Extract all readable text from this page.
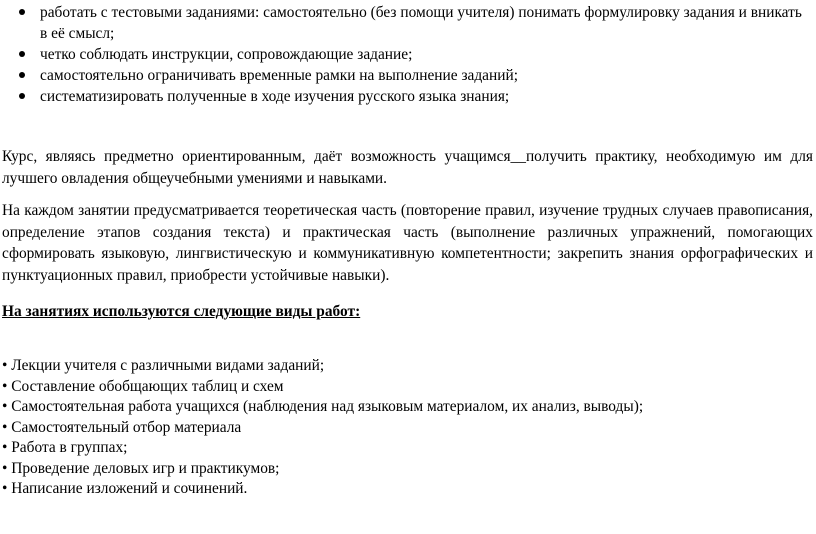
работать с тестовыми заданиями: самостоятельно (без помощи учителя) понимать формулировку задания и вникать в её смысл;
четко соблюдать инструкции, сопровождающие задание;
самостоятельно ограничивать временные рамки на выполнение заданий;
систематизировать полученные в ходе изучения русского языка знания;

Курс, являясь предметно ориентированным, даёт возможность учащимся__получить практику, необходимую им для лучшего овладения общеучебными умениями и навыками.

На каждом занятии предусматривается теоретическая часть (повторение правил, изучение трудных случаев правописания, определение этапов создания текста) и практическая часть (выполнение различных упражнений, помогающих сформировать языковую, лингвистическую и коммуникативную компетентности; закрепить знания орфографических и пунктуационных правил, приобрести устойчивые навыки).

На занятиях используются следующие виды работ:

• Лекции учителя с различными видами заданий;
• Составление обобщающих таблиц и схем
• Самостоятельная работа учащихся (наблюдения над языковым материалом, их анализ, выводы);
• Самостоятельный отбор материала
• Работа в группах;
• Проведение деловых игр и практикумов;
• Написание изложений и сочинений.
